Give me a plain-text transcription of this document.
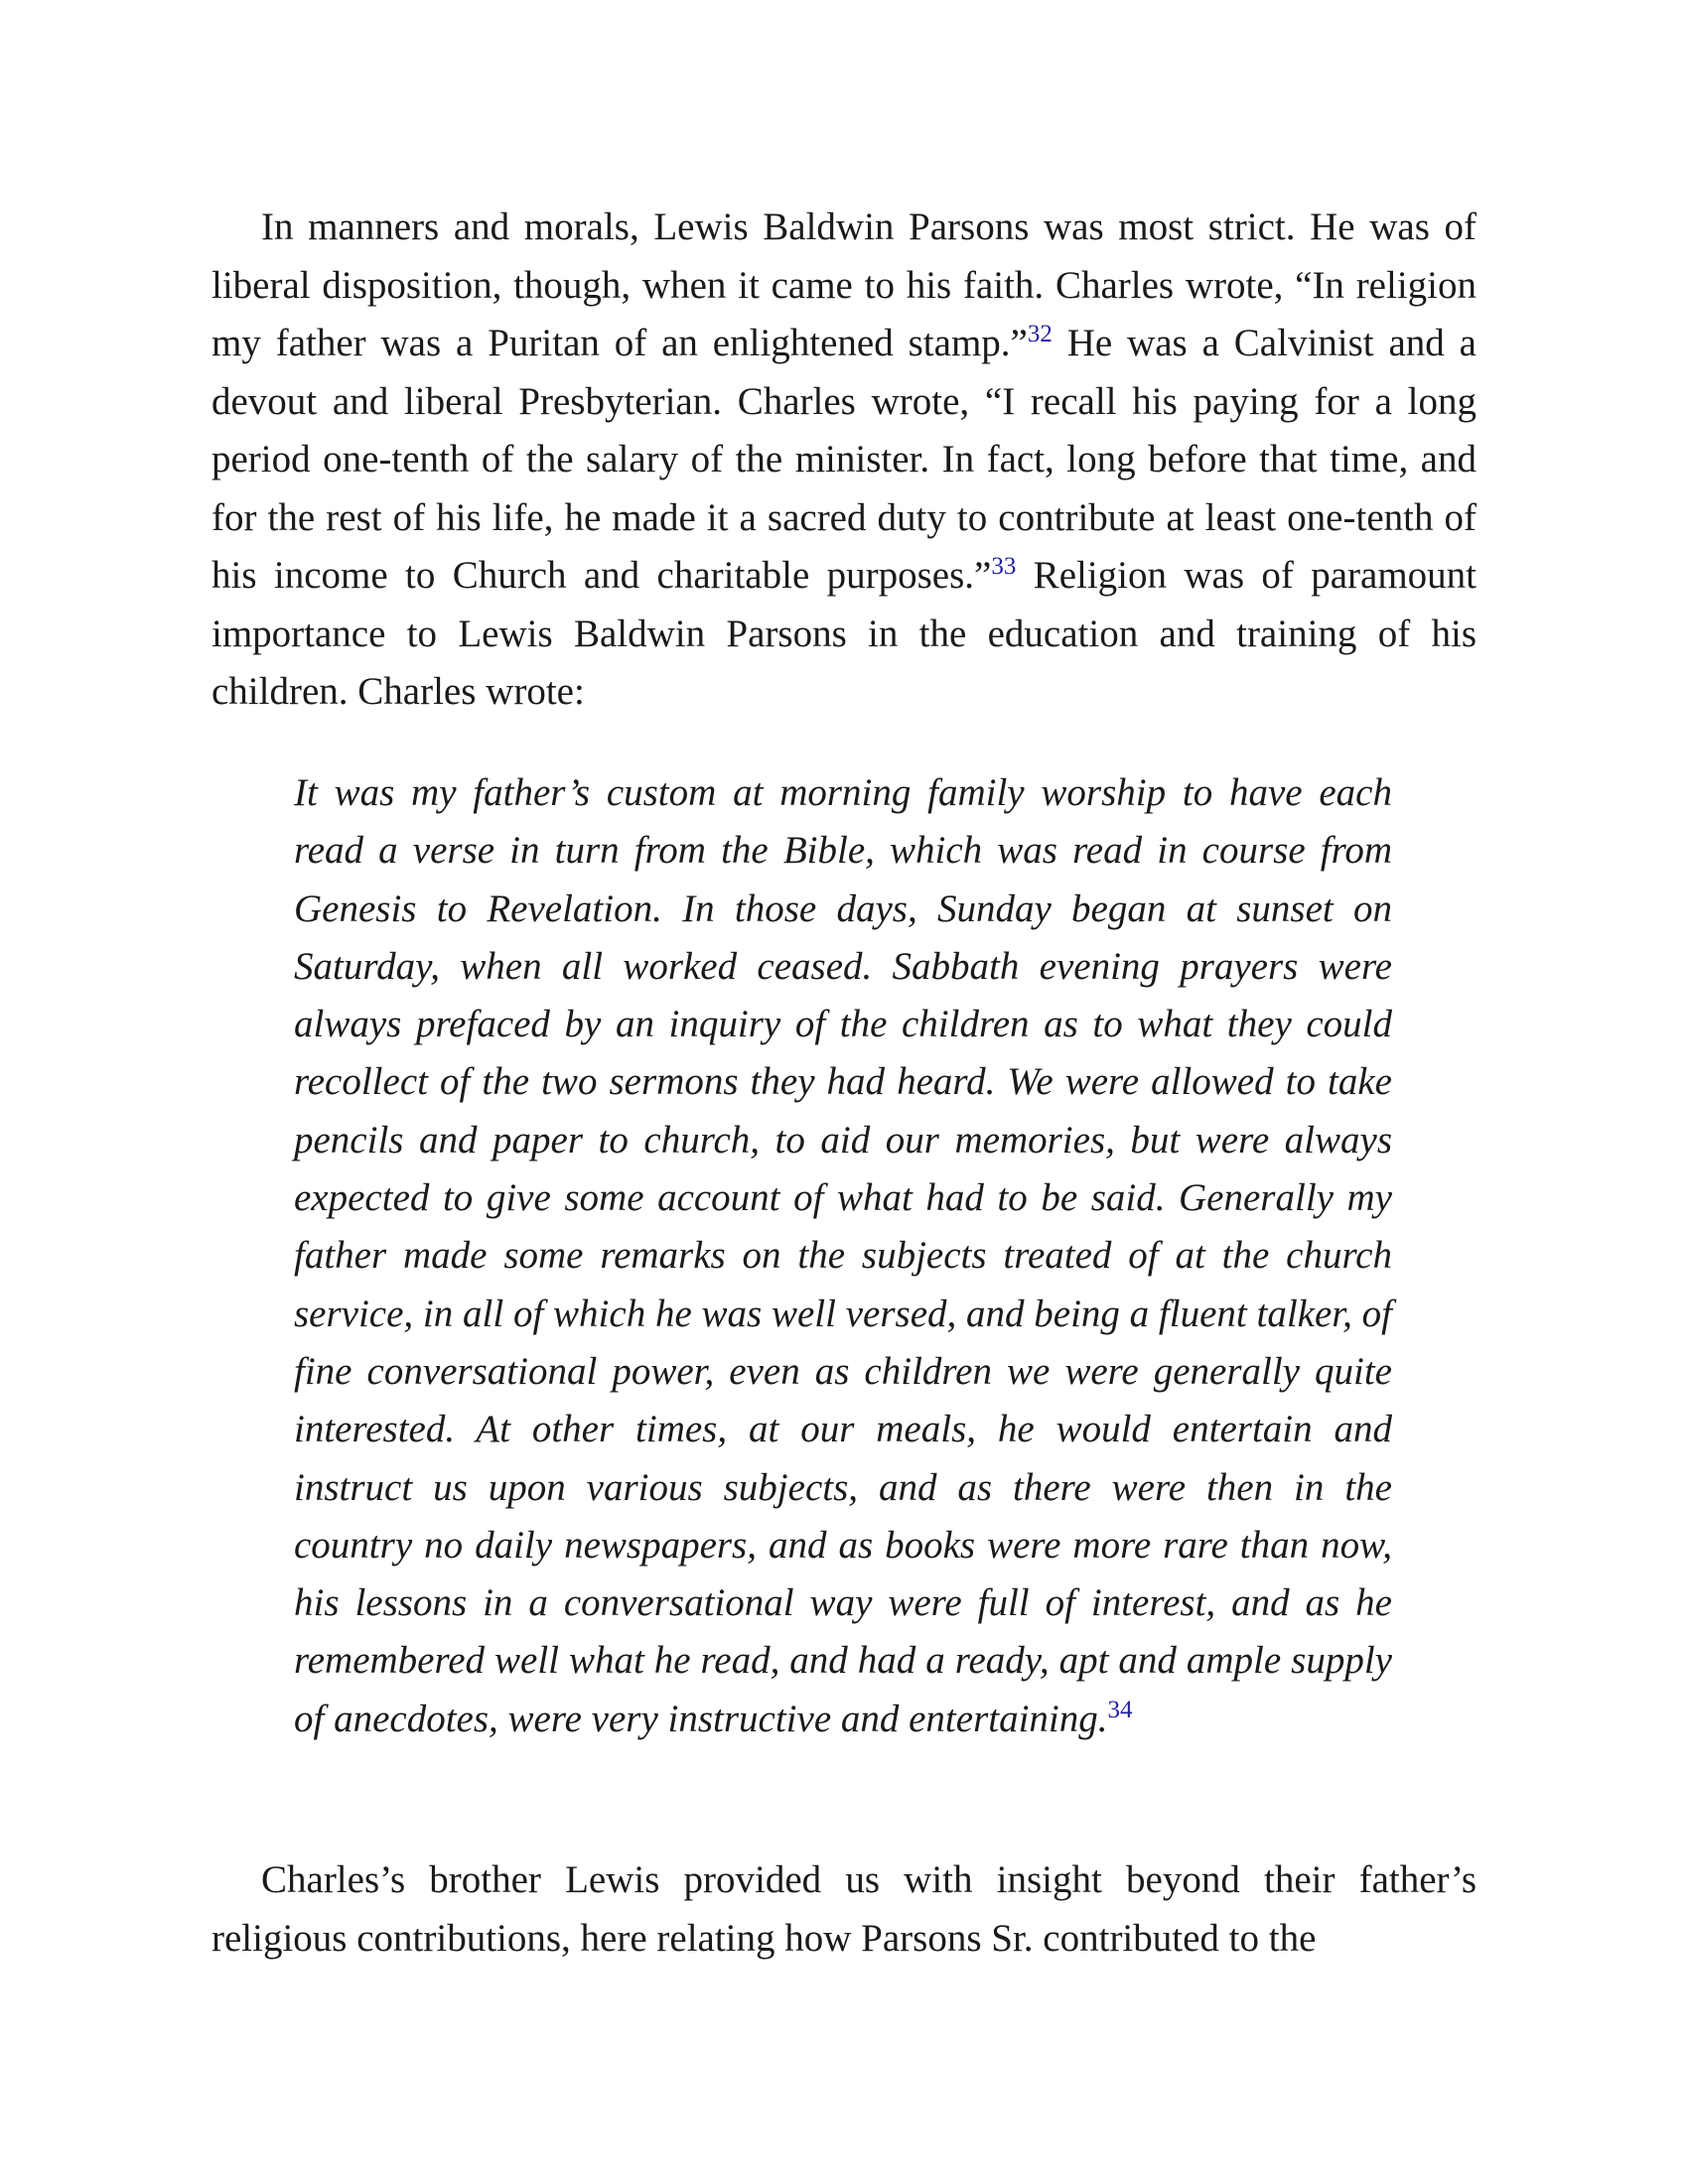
In manners and morals, Lewis Baldwin Parsons was most strict. He was of liberal disposition, though, when it came to his faith. Charles wrote, “In religion my father was a Puritan of an enlightened stamp.”$^{32}$ He was a Calvinist and a devout and liberal Presbyterian. Charles wrote, “I recall his paying for a long period one-tenth of the salary of the minister. In fact, long before that time, and for the rest of his life, he made it a sacred duty to contribute at least one-tenth of his income to Church and charitable purposes.”$^{33}$ Religion was of paramount importance to Lewis Baldwin Parsons in the education and training of his children. Charles wrote:

It was my father’s custom at morning family worship to have each read a verse in turn from the Bible, which was read in course from Genesis to Revelation. In those days, Sunday began at sunset on Saturday, when all worked ceased. Sabbath evening prayers were always prefaced by an inquiry of the children as to what they could recollect of the two sermons they had heard. We were allowed to take pencils and paper to church, to aid our memories, but were always expected to give some account of what had to be said. Generally my father made some remarks on the subjects treated of at the church service, in all of which he was well versed, and being a fluent talker, of fine conversational power, even as children we were generally quite interested. At other times, at our meals, he would entertain and instruct us upon various subjects, and as there were then in the country no daily newspapers, and as books were more rare than now, his lessons in a conversational way were full of interest, and as he remembered well what he read, and had a ready, apt and ample supply of anecdotes, were very instructive and entertaining.$^{34}$

Charles’s brother Lewis provided us with insight beyond their father’s religious contributions, here relating how Parsons Sr. contributed to the
